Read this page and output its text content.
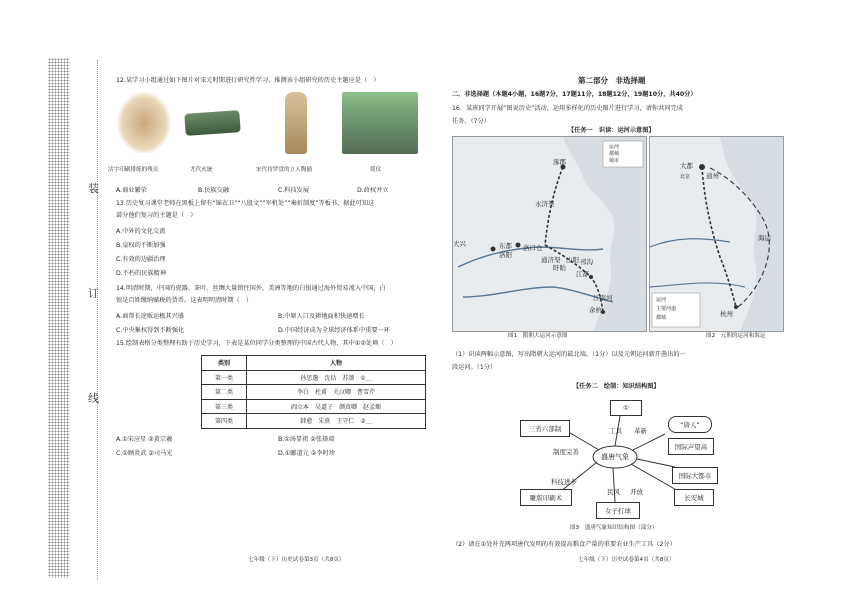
装
订
线
12.某学习小组通过如下图片对宋元时期进行研究性学习，推测该小组研究的历史主题应是（　）
活字印刷排练的残页	尤代火铳	宋代持罗盘的立人陶俑	简仪
A.商业繁荣	B.民族交融	C.科技发展	D.政权并立
13.历史复习课堂老师在黑板上留有“锦衣卫”“八股文”“军机处”“奏折制度”等板书，据此可知这
部分他们复习的主题是（　）
A.中外的文化交流
B.皇权的不断加强
C.有效的边疆治理
D.不朽的民族精神
14.明清时期，中国的瓷器、茶叶、丝绸大量销往国外，美洲等地的白银通过海外贸易流入中国，白
银是百姓缴纳赋税的货币。这表明明清时期（　）
A.商帮长途贩运极其兴盛	B.中原人口及耕地面积快速增长
C.中央集权得到不断强化	D.中国经济成为全球经济体系中重要一环
15.绘制表格分类整理有助于历史学习，下表是某位同学分类整理的中国古代人物，其中①②处填（　）
类别	人物
第一类	孙思邈　沈括　苏颂　①＿
第二类	李白　杜甫　关汉卿　曹雪芹
第三类	阎立本　吴道子　颜真卿　赵孟頫
第四类	韩愈　朱熹　王守仁　②＿
A.①宋应星 ②黄宗羲	B.①汤显祖 ②张择端
C.①顾炎武 ②司马光	D.①郦道元 ②李时珍
七年级（下）历史试卷第3页（共8页）
第二部分　非选择题
二、非选择题（本题4小题，16题7分，17题11分，18题12分，19题10分，共40分）
16．某班同学开展“图说历史”活动，运用多样化的历史图片进行学习，请你共同完成
任务。（7分）
【任务一　识读：运河示意图】
涿郡
大兴	东都
洛阳
洛口仓
江都
余杭
山阳
盱眙
永济渠
通济渠	邗沟
江南河
运河
都城
城市
大都
通州
北京
杭州
海运
运河
主要河道
都城
图1　隋朝大运河示意图	图2　元朝的运河和海运
（1）识读两幅示意图，写出隋朝大运河的最北端。（1分）以及元朝运河新开凿出的一
段运河。（1分）
【任务二　绘制：知识结构图】
盛唐气象
①
三省六部制	“唐人”
国际声望高
国际大都市
长安城
女子打球
雕版印刷术
工具 革新
制度完善
科技进步
民风 开放
图3　盛唐气象知识结构图（部分）
（2）请在①处补充两项唐代发明的有效提高粮食产量的重要农业生产工具（2分）
七年级（下）历史试卷第4页（共8页）
